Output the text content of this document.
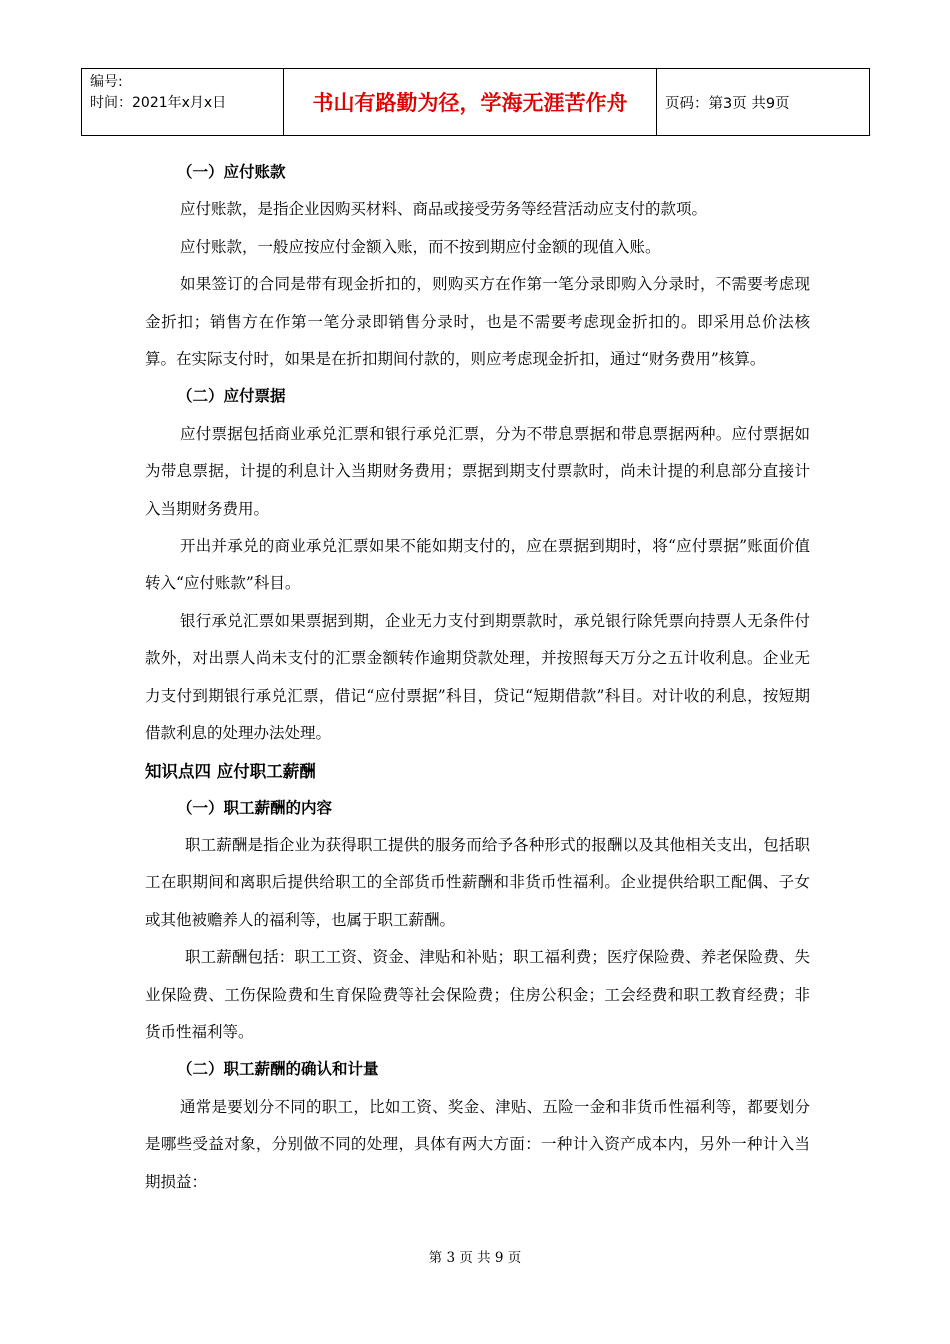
编号:
时间：2021年x月x日	书山有路勤为径，学海无涯苦作舟	页码：第3页 共9页
（一）应付账款

应付账款，是指企业因购买材料、商品或接受劳务等经营活动应支付的款项。

应付账款，一般应按应付金额入账，而不按到期应付金额的现值入账。

如果签订的合同是带有现金折扣的，则购买方在作第一笔分录即购入分录时，不需要考虑现金折扣；销售方在作第一笔分录即销售分录时，也是不需要考虑现金折扣的。即采用总价法核算。在实际支付时，如果是在折扣期间付款的，则应考虑现金折扣，通过“财务费用”核算。

（二）应付票据

应付票据包括商业承兑汇票和银行承兑汇票，分为不带息票据和带息票据两种。应付票据如为带息票据，计提的利息计入当期财务费用；票据到期支付票款时，尚未计提的利息部分直接计入当期财务费用。

开出并承兑的商业承兑汇票如果不能如期支付的，应在票据到期时，将“应付票据”账面价值转入“应付账款”科目。

银行承兑汇票如果票据到期，企业无力支付到期票款时，承兑银行除凭票向持票人无条件付款外，对出票人尚未支付的汇票金额转作逾期贷款处理，并按照每天万分之五计收利息。企业无力支付到期银行承兑汇票，借记“应付票据”科目，贷记“短期借款”科目。对计收的利息，按短期借款利息的处理办法处理。

知识点四 应付职工薪酬
（一）职工薪酬的内容

职工薪酬是指企业为获得职工提供的服务而给予各种形式的报酬以及其他相关支出，包括职工在职期间和离职后提供给职工的全部货币性薪酬和非货币性福利。企业提供给职工配偶、子女或其他被赡养人的福利等，也属于职工薪酬。

职工薪酬包括：职工工资、资金、津贴和补贴；职工福利费；医疗保险费、养老保险费、失业保险费、工伤保险费和生育保险费等社会保险费；住房公积金；工会经费和职工教育经费；非货币性福利等。

（二）职工薪酬的确认和计量

通常是要划分不同的职工，比如工资、奖金、津贴、五险一金和非货币性福利等，都要划分是哪些受益对象，分别做不同的处理，具体有两大方面：一种计入资产成本内，另外一种计入当期损益：

第 3 页 共 9 页
